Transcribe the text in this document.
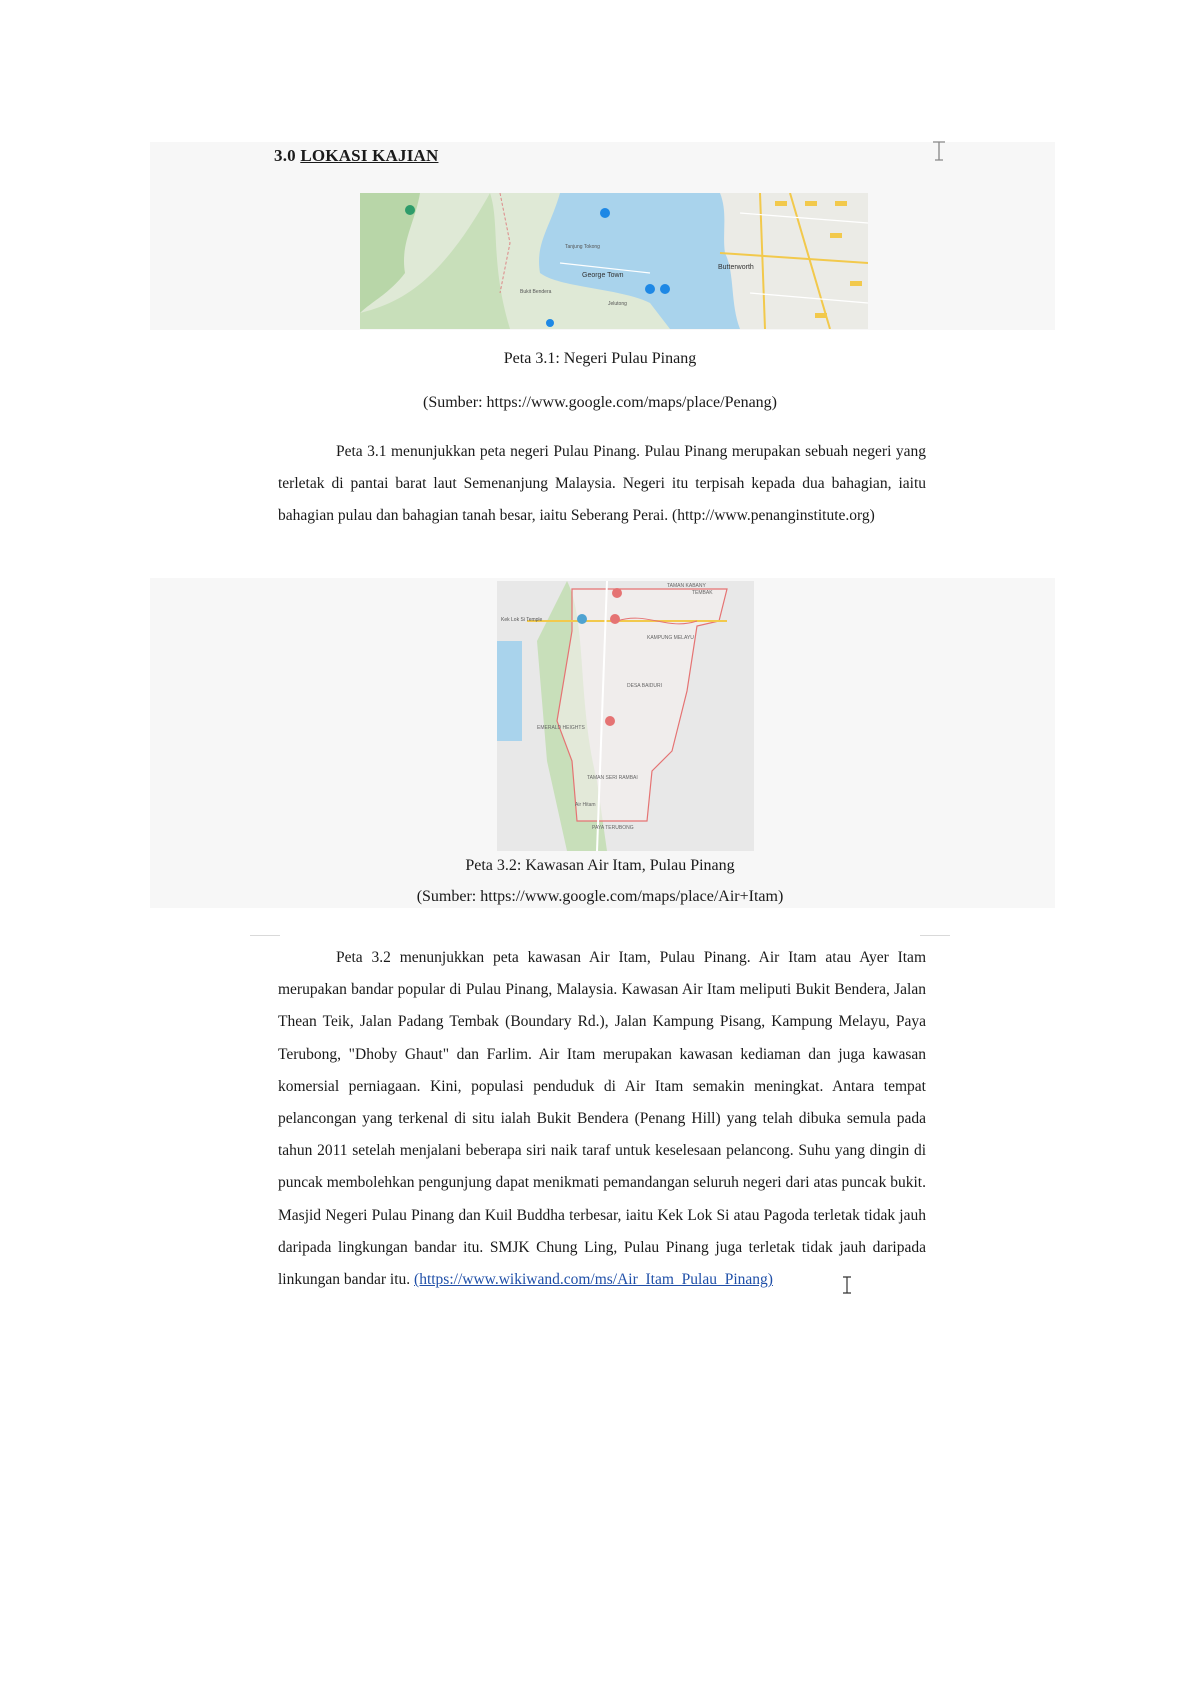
3.0 LOKASI KAJIAN
George Town
Butterworth
Bukit Bendera
Jelutong
Tanjung Tokong

Peta 3.1: Negeri Pulau Pinang

(Sumber: https://www.google.com/maps/place/Penang)

Peta 3.1 menunjukkan peta negeri Pulau Pinang. Pulau Pinang merupakan sebuah negeri yang terletak di pantai barat laut Semenanjung Malaysia. Negeri itu terpisah kepada dua bahagian, iaitu bahagian pulau dan bahagian tanah besar, iaitu Seberang Perai. (http://www.penanginstitute.org)

TAMAN KABANY
TEMBAK
Kek Lok Si Temple
KAMPUNG MELAYU
DESA BAIDURI
EMERALD HEIGHTS
TAMAN SERI RAMBAI
Air Hitam
PAYA TERUBONG

Peta 3.2: Kawasan Air Itam, Pulau Pinang

(Sumber: https://www.google.com/maps/place/Air+Itam)

Peta 3.2 menunjukkan peta kawasan Air Itam, Pulau Pinang. Air Itam atau Ayer Itam merupakan bandar popular di Pulau Pinang, Malaysia. Kawasan Air Itam meliputi Bukit Bendera, Jalan Thean Teik, Jalan Padang Tembak (Boundary Rd.), Jalan Kampung Pisang, Kampung Melayu, Paya Terubong, "Dhoby Ghaut" dan Farlim. Air Itam merupakan kawasan kediaman dan juga kawasan komersial perniagaan. Kini, populasi penduduk di Air Itam semakin meningkat. Antara tempat pelancongan yang terkenal di situ ialah Bukit Bendera (Penang Hill) yang telah dibuka semula pada tahun 2011 setelah menjalani beberapa siri naik taraf untuk keselesaan pelancong. Suhu yang dingin di puncak membolehkan pengunjung dapat menikmati pemandangan seluruh negeri dari atas puncak bukit. Masjid Negeri Pulau Pinang dan Kuil Buddha terbesar, iaitu Kek Lok Si atau Pagoda terletak tidak jauh daripada lingkungan bandar itu. SMJK Chung Ling, Pulau Pinang juga terletak tidak jauh daripada linkungan bandar itu. (https://www.wikiwand.com/ms/Air_Itam_Pulau_Pinang)
